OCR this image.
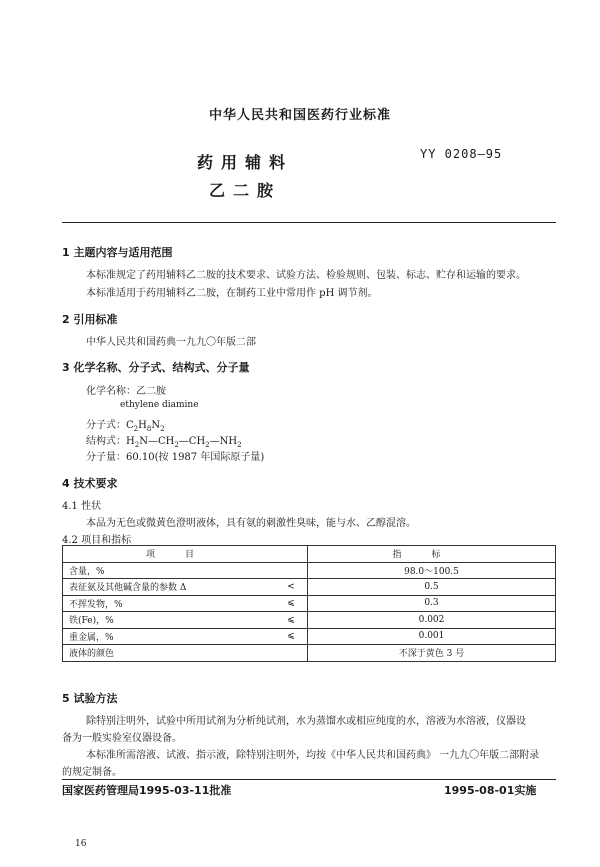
中华人民共和国医药行业标准
YY 0208—95
药用辅料
乙二胺
1 主题内容与适用范围
本标准规定了药用辅料乙二胺的技术要求、试验方法、检验规则、包装、标志、贮存和运输的要求。
本标准适用于药用辅料乙二胺，在制药工业中常用作 pH 调节剂。
2 引用标准
中华人民共和国药典一九九〇年版二部
3 化学名称、分子式、结构式、分子量
化学名称：乙二胺
ethylene diamine
分子式：$C_2H_8N_2$
结构式：$H_2N—CH_2—CH_2—NH_2$
分子量：60.10(按 1987 年国际原子量)
4 技术要求
4.1 性状
本品为无色或微黄色澄明液体，具有氨的刺激性臭味，能与水、乙醇混溶。
4.2 项目和指标
项目		指标
含量，%		98.0～100.5
表征氨及其他碱含量的参数 Δ	<	0.5
不挥发物，%	⩽	0.3
铁(Fe)，%	⩽	0.002
重金属，%	⩽	0.001
液体的颜色		不深于黄色 3 号
5 试验方法
除特别注明外，试验中所用试剂为分析纯试剂，水为蒸馏水或相应纯度的水，溶液为水溶液，仪器设
备为一般实验室仪器设备。
本标准所需溶液、试液、指示液，除特别注明外，均按《中华人民共和国药典》 一九九〇年版二部附录
的规定制备。
国家医药管理局1995-03-11批准	1995-08-01实施
16
